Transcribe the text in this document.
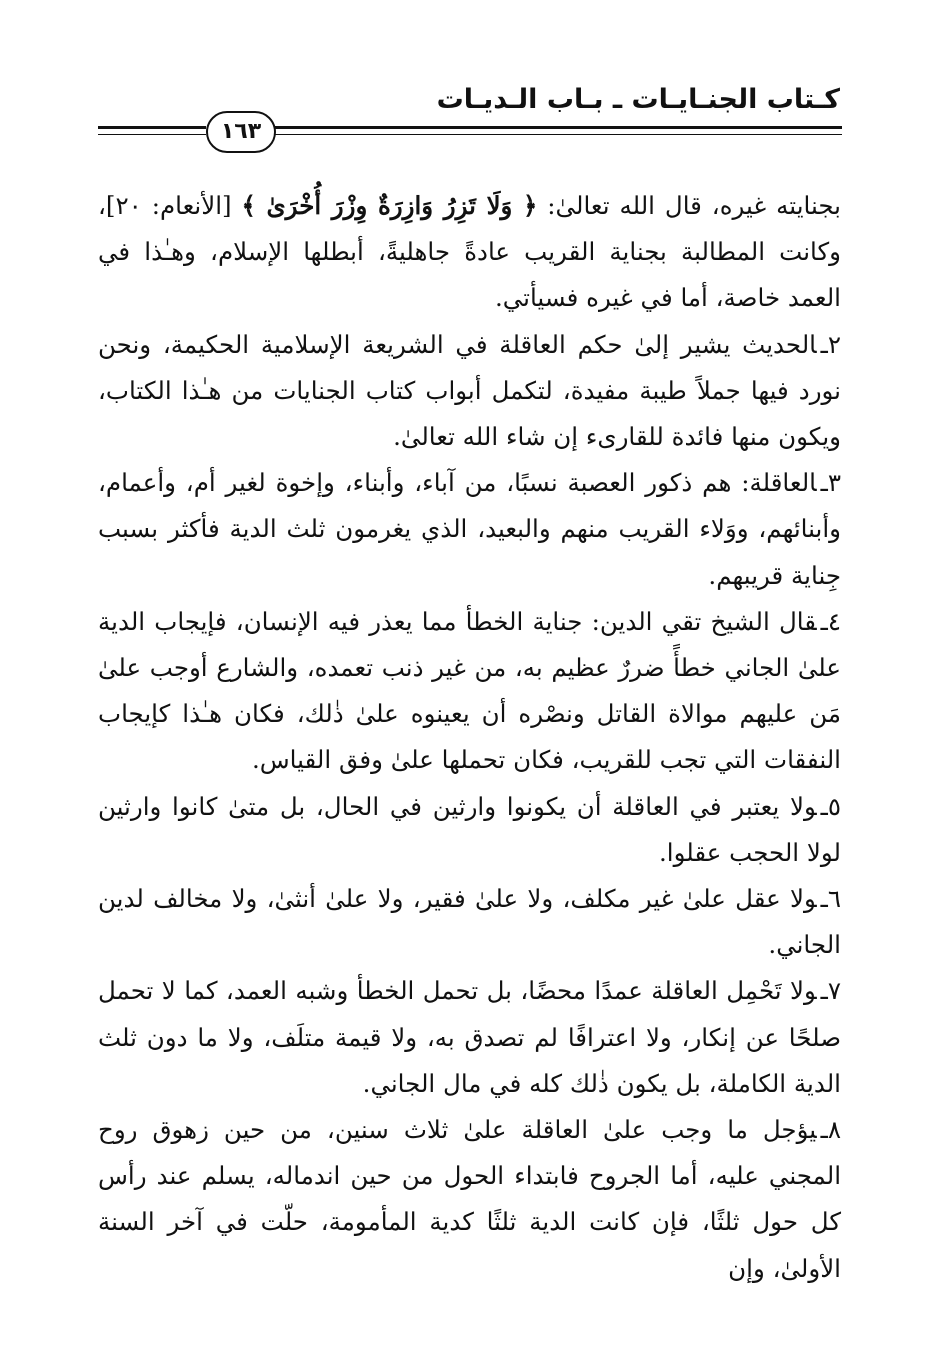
كـتاب الجنـايـات ـ بـاب الـديـات
١٦٣

بجنايته غيره، قال الله تعالىٰ: ﴿ وَلَا تَزِرُ وَازِرَةٌ وِزْرَ أُخْرَىٰ ﴾ [الأنعام: ٢٠]، وكانت المطالبة بجناية القريب عادةً جاهليةً، أبطلها الإسلام، وهـٰذا في العمد خاصة، أما في غيره فسيأتي.

٢ـالحديث يشير إلىٰ حكم العاقلة في الشريعة الإسلامية الحكيمة، ونحن نورد فيها جملاً طيبة مفيدة، لتكمل أبواب كتاب الجنايات من هـٰذا الكتاب، ويكون منها فائدة للقارىء إن شاء الله تعالىٰ.

٣ـالعاقلة: هم ذكور العصبة نسبًا، من آباء، وأبناء، وإخوة لغير أم، وأعمام، وأبنائهم، ووَلاء القريب منهم والبعيد، الذي يغرمون ثلث الدية فأكثر بسبب جِناية قريبهم.

٤ـقال الشيخ تقي الدين: جناية الخطأ مما يعذر فيه الإنسان، فإيجاب الدية علىٰ الجاني خطأً ضررٌ عظيم به، من غير ذنب تعمده، والشارع أوجب علىٰ مَن عليهم موالاة القاتل ونصْره أن يعينوه علىٰ ذٰلك، فكان هـٰذا كإيجاب النفقات التي تجب للقريب، فكان تحملها علىٰ وفق القياس.

٥ـولا يعتبر في العاقلة أن يكونوا وارثين في الحال، بل متىٰ كانوا وارثين لولا الحجب عقلوا.

٦ـولا عقل علىٰ غير مكلف، ولا علىٰ فقير، ولا علىٰ أنثىٰ، ولا مخالف لدين الجاني.

٧ـولا تَحْمِل العاقلة عمدًا محضًا، بل تحمل الخطأ وشبه العمد، كما لا تحمل صلحًا عن إنكار، ولا اعترافًا لم تصدق به، ولا قيمة متلَف، ولا ما دون ثلث الدية الكاملة، بل يكون ذٰلك كله في مال الجاني.

٨ـيؤجل ما وجب علىٰ العاقلة علىٰ ثلاث سنين، من حين زهوق روح المجني عليه، أما الجروح فابتداء الحول من حين اندماله، يسلم عند رأس كل حول ثلثًا، فإن كانت الدية ثلثًا كدية المأمومة، حلّت في آخر السنة الأولىٰ، وإن
